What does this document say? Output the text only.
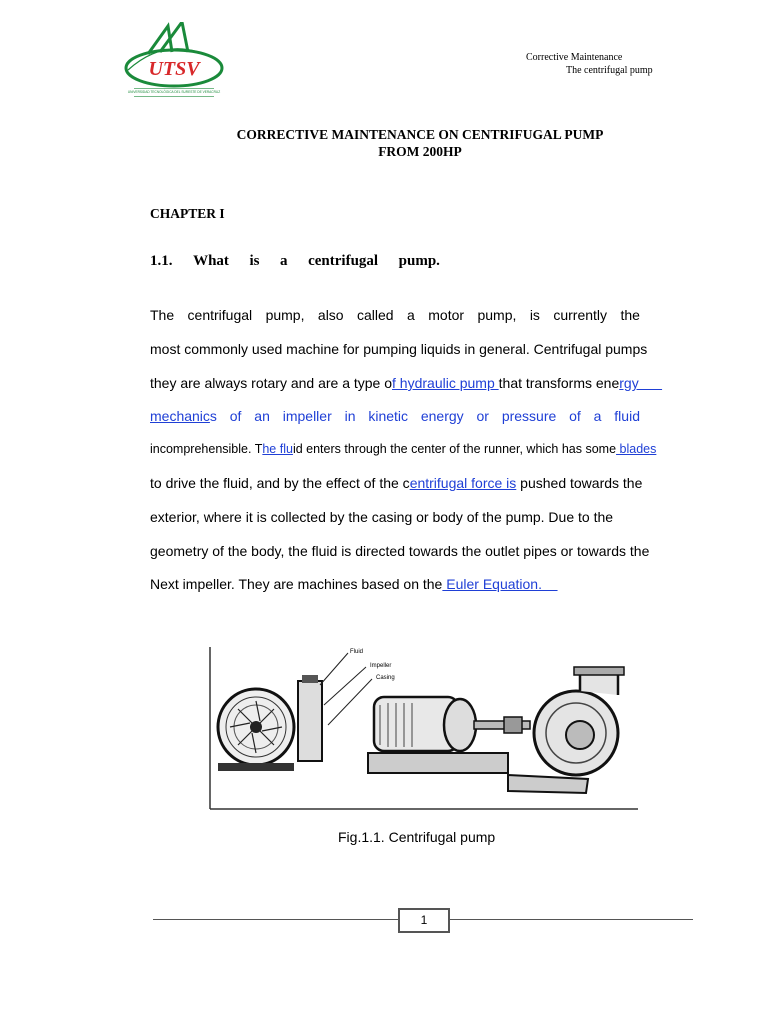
UTSV
UNIVERSIDAD TECNOLÓGICA DEL SURESTE DE VERACRUZ
Corrective Maintenance
The centrifugal pump
CORRECTIVE MAINTENANCE ON CENTRIFUGAL PUMP
FROM 200HP
CHAPTER I
1.1. What is a centrifugal pump.
The centrifugal pump, also called a motor pump, is currently the
most commonly used machine for pumping liquids in general. Centrifugal pumps
they are always rotary and are a type of hydraulic pump that transforms energy
mechanics of an impeller in kinetic energy or pressure of a fluid
incomprehensible. The fluid enters through the center of the runner, which has some blades
to drive the fluid, and by the effect of the centrifugal force is pushed towards the
exterior, where it is collected by the casing or body of the pump. Due to the
geometry of the body, the fluid is directed towards the outlet pipes or towards the
Next impeller. They are machines based on the Euler Equation.
Fluid
Impeller
Casing
Fig.1.1. Centrifugal pump
1
